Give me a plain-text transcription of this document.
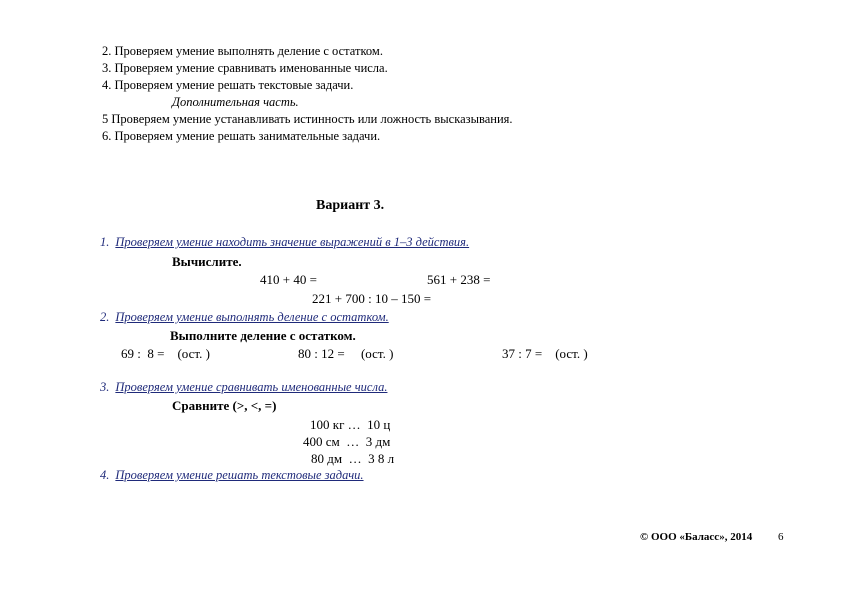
2. Проверяем умение выполнять деление с остатком.
3. Проверяем умение сравнивать именованные числа.
4. Проверяем умение решать текстовые задачи.
Дополнительная часть.
5 Проверяем умение устанавливать истинность или ложность высказывания.
6. Проверяем умение решать занимательные задачи.
Вариант 3.
1. Проверяем умение находить значение выражений в 1–3 действия.
Вычислите.
410 + 40 =	561 + 238 =
221 + 700 : 10 – 150 =
2. Проверяем умение выполнять деление с остатком.
Выполните деление с остатком.
69 :  8 =    (ост. )	80 : 12 =     (ост. )	37 : 7 =    (ост. )
3. Проверяем умение сравнивать именованные числа.
Сравните (>, <, =)
100 кг …  10 ц
400 см  …  3 дм
80 дм  …  3 8 л
4. Проверяем умение решать текстовые задачи.
© ООО «Баласс», 2014 6
